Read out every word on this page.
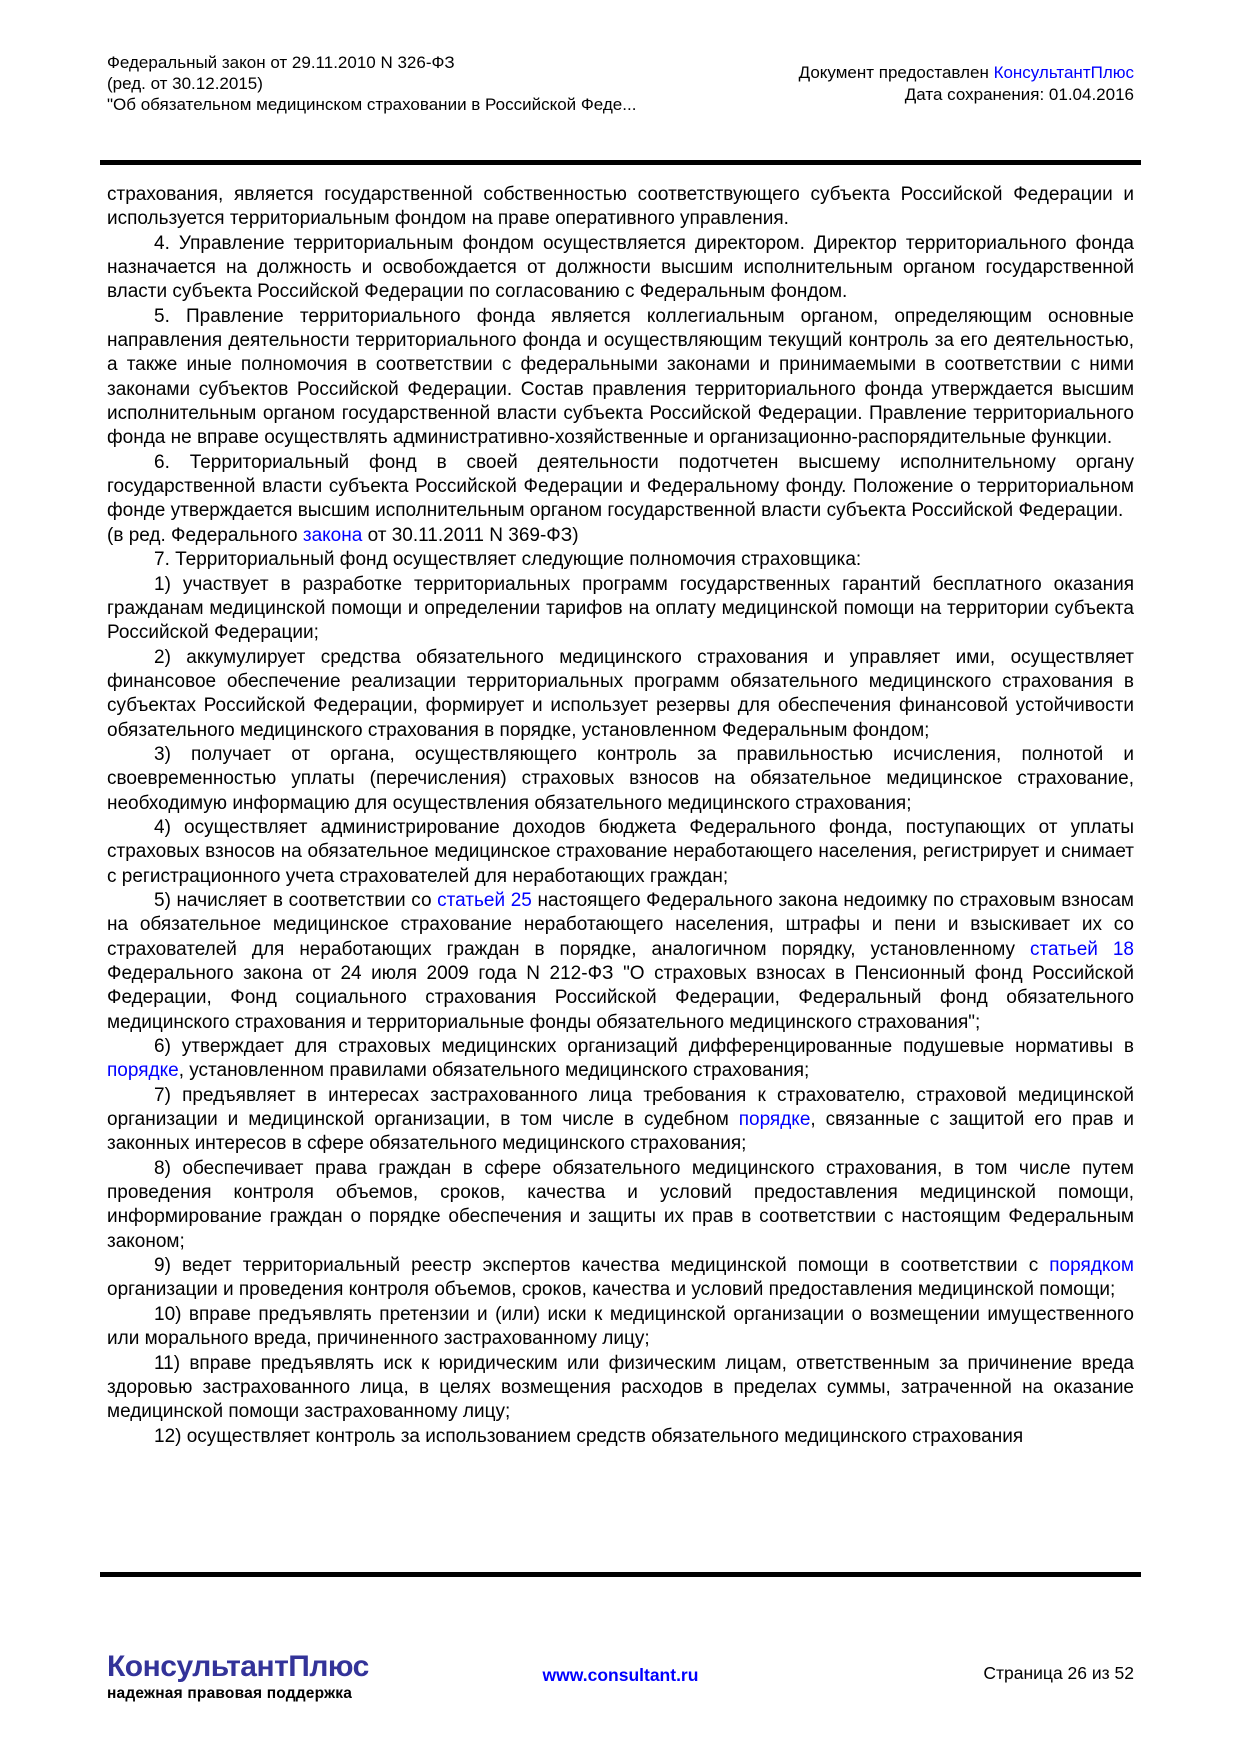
Федеральный закон от 29.11.2010 N 326-ФЗ
(ред. от 30.12.2015)
"Об обязательном медицинском страховании в Российской Феде...
Документ предоставлен КонсультантПлюс
Дата сохранения: 01.04.2016

страхования, является государственной собственностью соответствующего субъекта Российской Федерации и используется территориальным фондом на праве оперативного управления.

4. Управление территориальным фондом осуществляется директором. Директор территориального фонда назначается на должность и освобождается от должности высшим исполнительным органом государственной власти субъекта Российской Федерации по согласованию с Федеральным фондом.

5. Правление территориального фонда является коллегиальным органом, определяющим основные направления деятельности территориального фонда и осуществляющим текущий контроль за его деятельностью, а также иные полномочия в соответствии с федеральными законами и принимаемыми в соответствии с ними законами субъектов Российской Федерации. Состав правления территориального фонда утверждается высшим исполнительным органом государственной власти субъекта Российской Федерации. Правление территориального фонда не вправе осуществлять административно-хозяйственные и организационно-распорядительные функции.

6. Территориальный фонд в своей деятельности подотчетен высшему исполнительному органу государственной власти субъекта Российской Федерации и Федеральному фонду. Положение о территориальном фонде утверждается высшим исполнительным органом государственной власти субъекта Российской Федерации.

(в ред. Федерального закона от 30.11.2011 N 369-ФЗ)

7. Территориальный фонд осуществляет следующие полномочия страховщика:

1) участвует в разработке территориальных программ государственных гарантий бесплатного оказания гражданам медицинской помощи и определении тарифов на оплату медицинской помощи на территории субъекта Российской Федерации;

2) аккумулирует средства обязательного медицинского страхования и управляет ими, осуществляет финансовое обеспечение реализации территориальных программ обязательного медицинского страхования в субъектах Российской Федерации, формирует и использует резервы для обеспечения финансовой устойчивости обязательного медицинского страхования в порядке, установленном Федеральным фондом;

3) получает от органа, осуществляющего контроль за правильностью исчисления, полнотой и своевременностью уплаты (перечисления) страховых взносов на обязательное медицинское страхование, необходимую информацию для осуществления обязательного медицинского страхования;

4) осуществляет администрирование доходов бюджета Федерального фонда, поступающих от уплаты страховых взносов на обязательное медицинское страхование неработающего населения, регистрирует и снимает с регистрационного учета страхователей для неработающих граждан;

5) начисляет в соответствии со статьей 25 настоящего Федерального закона недоимку по страховым взносам на обязательное медицинское страхование неработающего населения, штрафы и пени и взыскивает их со страхователей для неработающих граждан в порядке, аналогичном порядку, установленному статьей 18 Федерального закона от 24 июля 2009 года N 212-ФЗ "О страховых взносах в Пенсионный фонд Российской Федерации, Фонд социального страхования Российской Федерации, Федеральный фонд обязательного медицинского страхования и территориальные фонды обязательного медицинского страхования";

6) утверждает для страховых медицинских организаций дифференцированные подушевые нормативы в порядке, установленном правилами обязательного медицинского страхования;

7) предъявляет в интересах застрахованного лица требования к страхователю, страховой медицинской организации и медицинской организации, в том числе в судебном порядке, связанные с защитой его прав и законных интересов в сфере обязательного медицинского страхования;

8) обеспечивает права граждан в сфере обязательного медицинского страхования, в том числе путем проведения контроля объемов, сроков, качества и условий предоставления медицинской помощи, информирование граждан о порядке обеспечения и защиты их прав в соответствии с настоящим Федеральным законом;

9) ведет территориальный реестр экспертов качества медицинской помощи в соответствии с порядком организации и проведения контроля объемов, сроков, качества и условий предоставления медицинской помощи;

10) вправе предъявлять претензии и (или) иски к медицинской организации о возмещении имущественного или морального вреда, причиненного застрахованному лицу;

11) вправе предъявлять иск к юридическим или физическим лицам, ответственным за причинение вреда здоровью застрахованного лица, в целях возмещения расходов в пределах суммы, затраченной на оказание медицинской помощи застрахованному лицу;

12) осуществляет контроль за использованием средств обязательного медицинского страхования

КонсультантПлюс
надежная правовая поддержка
www.consultant.ru	Страница 26 из 52
